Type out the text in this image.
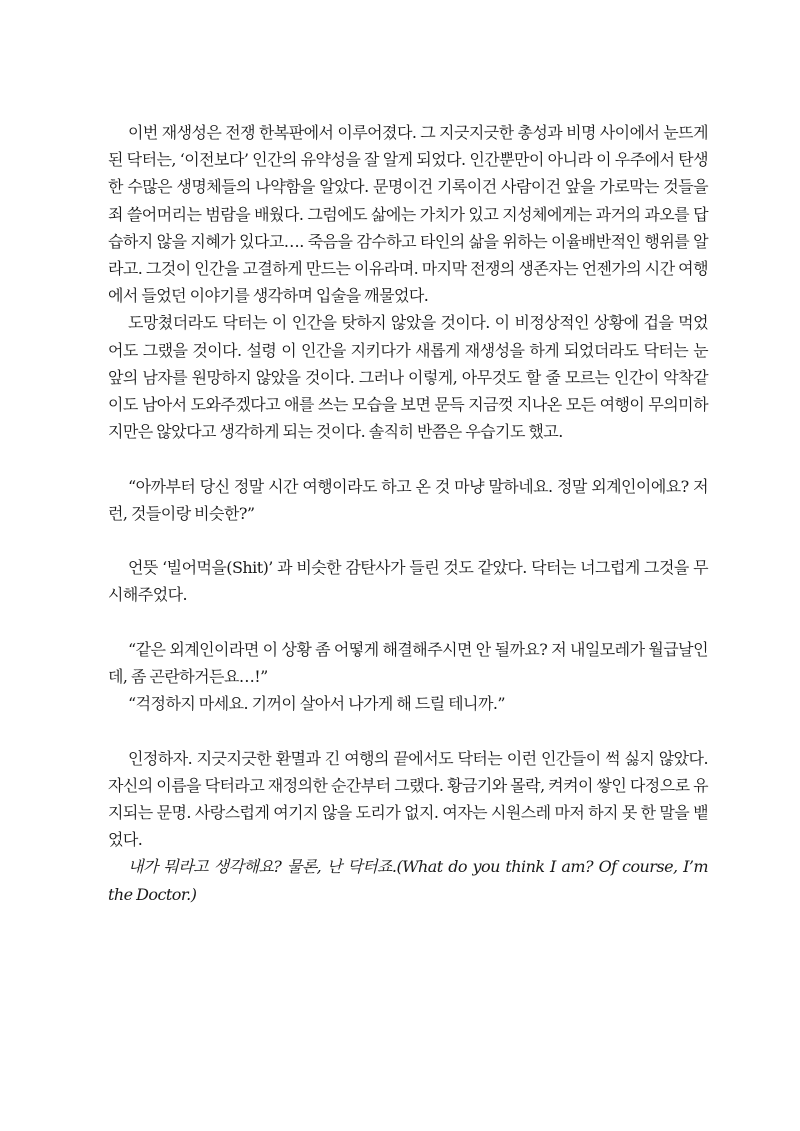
이번 재생성은 전쟁 한복판에서 이루어졌다. 그 지긋지긋한 총성과 비명 사이에서 눈뜨게 된 닥터는, ‘이전보다’ 인간의 유약성을 잘 알게 되었다. 인간뿐만이 아니라 이 우주에서 탄생한 수많은 생명체들의 나약함을 알았다. 문명이건 기록이건 사람이건 앞을 가로막는 것들을 죄 쓸어머리는 범람을 배웠다. 그럼에도 삶에는 가치가 있고 지성체에게는 과거의 과오를 답습하지 않을 지혜가 있다고…. 죽음을 감수하고 타인의 삶을 위하는 이율배반적인 행위를 알라고. 그것이 인간을 고결하게 만드는 이유라며. 마지막 전쟁의 생존자는 언젠가의 시간 여행에서 들었던 이야기를 생각하며 입술을 깨물었다.

도망쳤더라도 닥터는 이 인간을 탓하지 않았을 것이다. 이 비정상적인 상황에 겁을 먹었어도 그랬을 것이다. 설령 이 인간을 지키다가 새롭게 재생성을 하게 되었더라도 닥터는 눈 앞의 남자를 원망하지 않았을 것이다. 그러나 이렇게, 아무것도 할 줄 모르는 인간이 악착같이도 남아서 도와주겠다고 애를 쓰는 모습을 보면 문득 지금껏 지나온 모든 여행이 무의미하지만은 않았다고 생각하게 되는 것이다. 솔직히 반쯤은 우습기도 했고.

“아까부터 당신 정말 시간 여행이라도 하고 온 것 마냥 말하네요. 정말 외계인이에요? 저런, 것들이랑 비슷한?”

언뜻 ‘빌어먹을(Shit)’ 과 비슷한 감탄사가 들린 것도 같았다. 닥터는 너그럽게 그것을 무시해주었다.

“같은 외계인이라면 이 상황 좀 어떻게 해결해주시면 안 될까요? 저 내일모레가 월급날인데, 좀 곤란하거든요…!”

“걱정하지 마세요. 기꺼이 살아서 나가게 해 드릴 테니까.”

인정하자. 지긋지긋한 환멸과 긴 여행의 끝에서도 닥터는 이런 인간들이 썩 싫지 않았다. 자신의 이름을 닥터라고 재정의한 순간부터 그랬다. 황금기와 몰락, 켜켜이 쌓인 다정으로 유지되는 문명. 사랑스럽게 여기지 않을 도리가 없지. 여자는 시원스레 마저 하지 못 한 말을 뱉었다.

내가 뭐라고 생각해요? 물론, 난 닥터죠.(What do you think I am? Of course, I’m the Doctor.)
